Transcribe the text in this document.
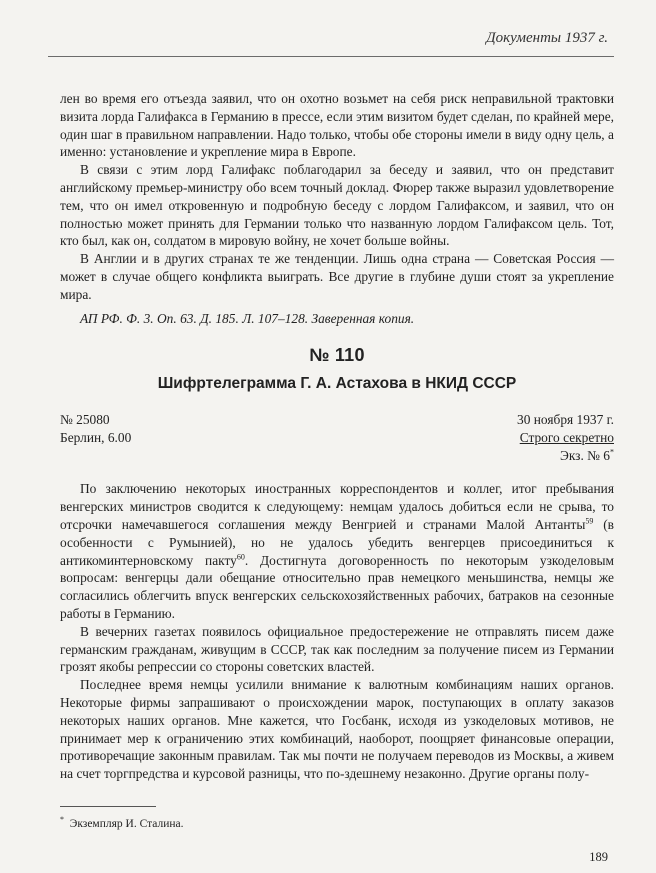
Документы 1937 г.

лен во время его отъезда заявил, что он охотно возьмет на себя риск неправильной трактовки визита лорда Галифакса в Германию в прессе, если этим визитом будет сделан, по крайней мере, один шаг в правильном направлении. Надо только, чтобы обе стороны имели в виду одну цель, а именно: установление и укрепление мира в Европе.

В связи с этим лорд Галифакс поблагодарил за беседу и заявил, что он представит английскому премьер-министру обо всем точный доклад. Фюрер также выразил удовлетворение тем, что он имел откровенную и подробную беседу с лордом Галифаксом, и заявил, что он полностью может принять для Германии только что названную лордом Галифаксом цель. Тот, кто был, как он, солдатом в мировую войну, не хочет больше войны.

В Англии и в других странах те же тенденции. Лишь одна страна — Советская Россия — может в случае общего конфликта выиграть. Все другие в глубине души стоят за укрепление мира.

АП РФ. Ф. 3. Оп. 63. Д. 185. Л. 107–128. Заверенная копия.

№ 110
Шифртелеграмма Г. А. Астахова в НКИД СССР
№ 25080	30 ноября 1937 г.
Берлин, 6.00	Строго секретно
Экз. № 6*

По заключению некоторых иностранных корреспондентов и коллег, итог пребывания венгерских министров сводится к следующему: немцам удалось добиться если не срыва, то отсрочки намечавшегося соглашения между Венгрией и странами Малой Антанты$^{59}$ (в особенности с Румынией), но не удалось убедить венгерцев присоединиться к антикоминтерновскому пакту$^{60}$. Достигнута договоренность по некоторым узкоделовым вопросам: венгерцы дали обещание относительно прав немецкого меньшинства, немцы же согласились облегчить впуск венгерских сельскохозяйственных рабочих, батраков на сезонные работы в Германию.

В вечерних газетах появилось официальное предостережение не отправлять писем даже германским гражданам, живущим в СССР, так как последним за получение писем из Германии грозят якобы репрессии со стороны советских властей.

Последнее время немцы усилили внимание к валютным комбинациям наших органов. Некоторые фирмы запрашивают о происхождении марок, поступающих в оплату заказов некоторых наших органов. Мне кажется, что Госбанк, исходя из узкоделовых мотивов, не принимает мер к ограничению этих комбинаций, наоборот, поощряет финансовые операции, противоречащие законным правилам. Так мы почти не получаем переводов из Москвы, а живем на счет торгпредства и курсовой разницы, что по-здешнему незаконно. Другие органы полу-

* Экземпляр И. Сталина.
189
